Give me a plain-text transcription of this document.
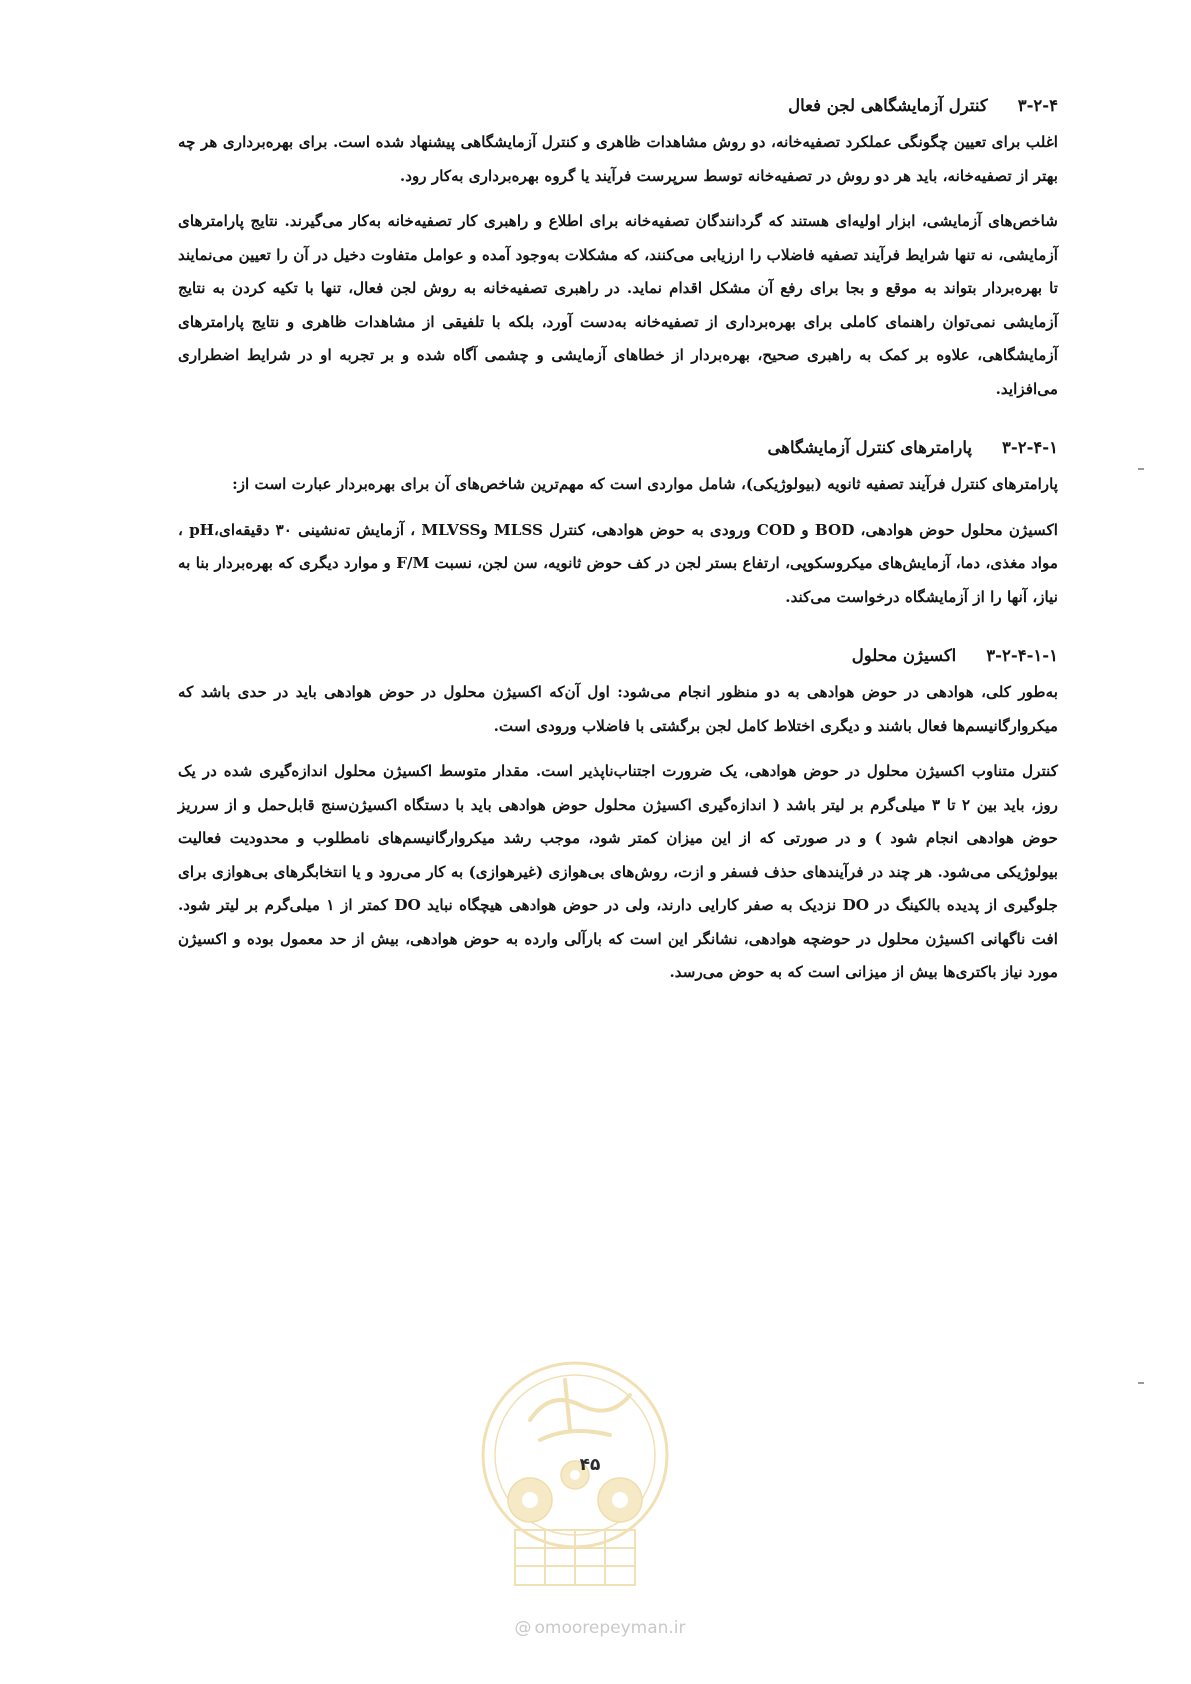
۳-۲-۴
کنترل آزمایشگاهی لجن فعال

اغلب برای تعیین چگونگی عملکرد تصفیه‌خانه، دو روش مشاهدات ظاهری و کنترل آزمایشگاهی پیشنهاد شده است. برای بهره‌برداری هر چه بهتر از تصفیه‌خانه، باید هر دو روش در تصفیه‌خانه توسط سرپرست فرآیند یا گروه بهره‌برداری به‌کار رود.

شاخص‌های آزمایشی، ابزار اولیه‌ای هستند که گردانندگان تصفیه‌خانه برای اطلاع و راهبری کار تصفیه‌خانه به‌کار می‌گیرند. نتایج پارامترهای آزمایشی، نه تنها شرایط فرآیند تصفیه فاضلاب را ارزیابی می‌کنند، که مشکلات به‌وجود آمده و عوامل متفاوت دخیل در آن را تعیین می‌نمایند تا بهره‌بردار بتواند به موقع و بجا برای رفع آن مشکل اقدام نماید. در راهبری تصفیه‌خانه به روش لجن فعال، تنها با تکیه کردن به نتایج آزمایشی نمی‌توان راهنمای کاملی برای بهره‌برداری از تصفیه‌خانه به‌دست آورد، بلکه با تلفیقی از مشاهدات ظاهری و نتایج پارامترهای آزمایشگاهی، علاوه بر کمک به راهبری صحیح، بهره‌بردار از خطاهای آزمایشی و چشمی آگاه شده و بر تجربه او در شرایط اضطراری می‌افزاید.

۳-۲-۴-۱
پارامترهای کنترل آزمایشگاهی

پارامترهای کنترل فرآیند تصفیه ثانویه (بیولوژیکی)، شامل مواردی است که مهم‌ترین شاخص‌های آن برای بهره‌بردار عبارت است از:

اکسیژن محلول حوض هوادهی، BOD و COD ورودی به حوض هوادهی، کنترل MLSS وMLVSS ، آزمایش ته‌نشینی ۳۰ دقیقه‌ای،pH ، مواد مغذی، دما، آزمایش‌های میکروسکوپی، ارتفاع بستر لجن در کف حوض ثانویه، سن لجن، نسبت F/M و موارد دیگری که بهره‌بردار بنا به نیاز، آنها را از آزمایشگاه درخواست می‌کند.

۳-۲-۴-۱-۱
اکسیژن محلول

به‌طور کلی، هوادهی در حوض هوادهی به دو منظور انجام می‌شود: اول آن‌که اکسیژن محلول در حوض هوادهی باید در حدی باشد که میکروارگانیسم‌ها فعال باشند و دیگری اختلاط کامل لجن برگشتی با فاضلاب ورودی است.

کنترل متناوب اکسیژن محلول در حوض هوادهی، یک ضرورت اجتناب‌ناپذیر است. مقدار متوسط اکسیژن محلول اندازه‌گیری شده در یک روز، باید بین ۲ تا ۳ میلی‌گرم بر لیتر باشد ( اندازه‌گیری اکسیژن محلول حوض هوادهی باید با دستگاه اکسیژن‌سنج قابل‌حمل و از سرریز حوض هوادهی انجام شود ) و در صورتی که از این میزان کمتر شود، موجب رشد میکروارگانیسم‌های نامطلوب و محدودیت فعالیت بیولوژیکی می‌شود. هر چند در فرآیندهای حذف فسفر و ازت، روش‌های بی‌هوازی (غیرهوازی) به کار می‌رود و یا انتخابگرهای بی‌هوازی برای جلوگیری از پدیده بالکینگ در DO نزدیک به صفر کارایی دارند، ولی در حوض هوادهی هیچگاه نباید DO کمتر از ۱ میلی‌گرم بر لیتر شود. افت ناگهانی اکسیژن محلول در حوضچه هوادهی، نشانگر این است که بارآلی وارده به حوض هوادهی، بیش از حد معمول بوده و اکسیژن مورد نیاز باکتری‌ها بیش از میزانی است که به حوض می‌رسد.

۴۵
@ omoorepeyman.ir
